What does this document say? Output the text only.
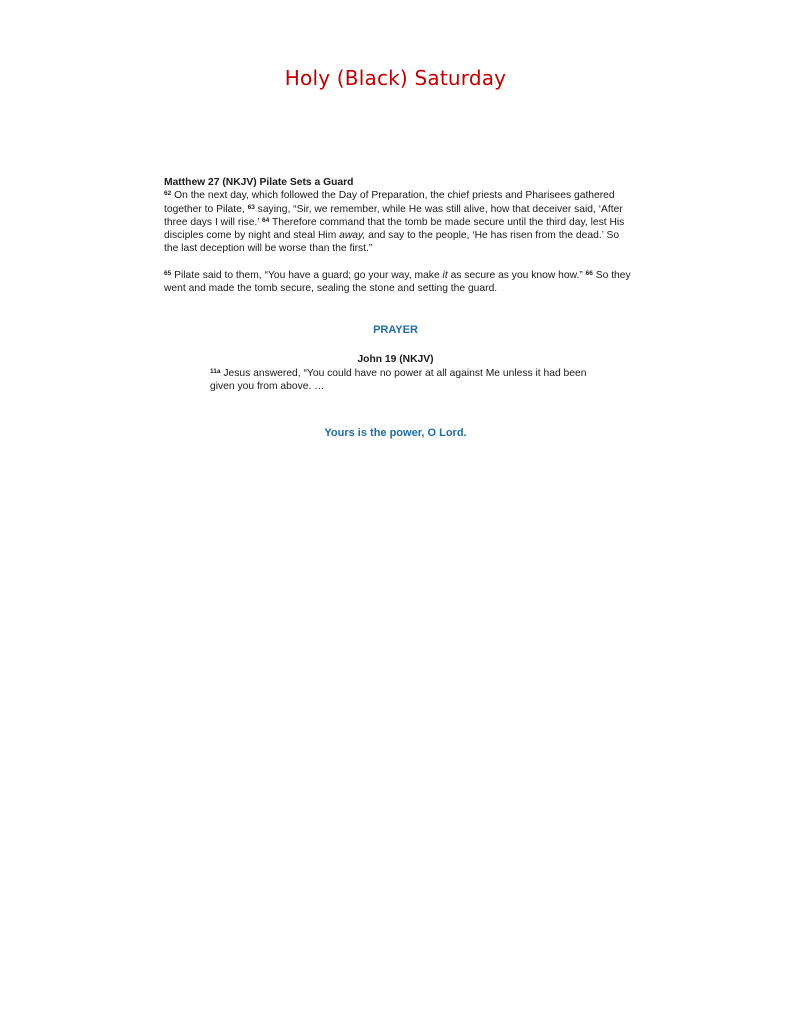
Holy (Black) Saturday

Matthew 27 (NKJV) Pilate Sets a Guard

$^{62}$ On the next day, which followed the Day of Preparation, the chief priests and Pharisees gathered together to Pilate, $^{63}$ saying, “Sir, we remember, while He was still alive, how that deceiver said, ‘After three days I will rise.’ $^{64}$ Therefore command that the tomb be made secure until the third day, lest His disciples come by night and steal Him away, and say to the people, ‘He has risen from the dead.’ So the last deception will be worse than the first.”

$^{65}$ Pilate said to them, “You have a guard; go your way, make it as secure as you know how.” $^{66}$ So they went and made the tomb secure, sealing the stone and setting the guard.

PRAYER
John 19 (NKJV)

$^{11a}$ Jesus answered, “You could have no power at all against Me unless it had been given you from above. …

Yours is the power, O Lord.
